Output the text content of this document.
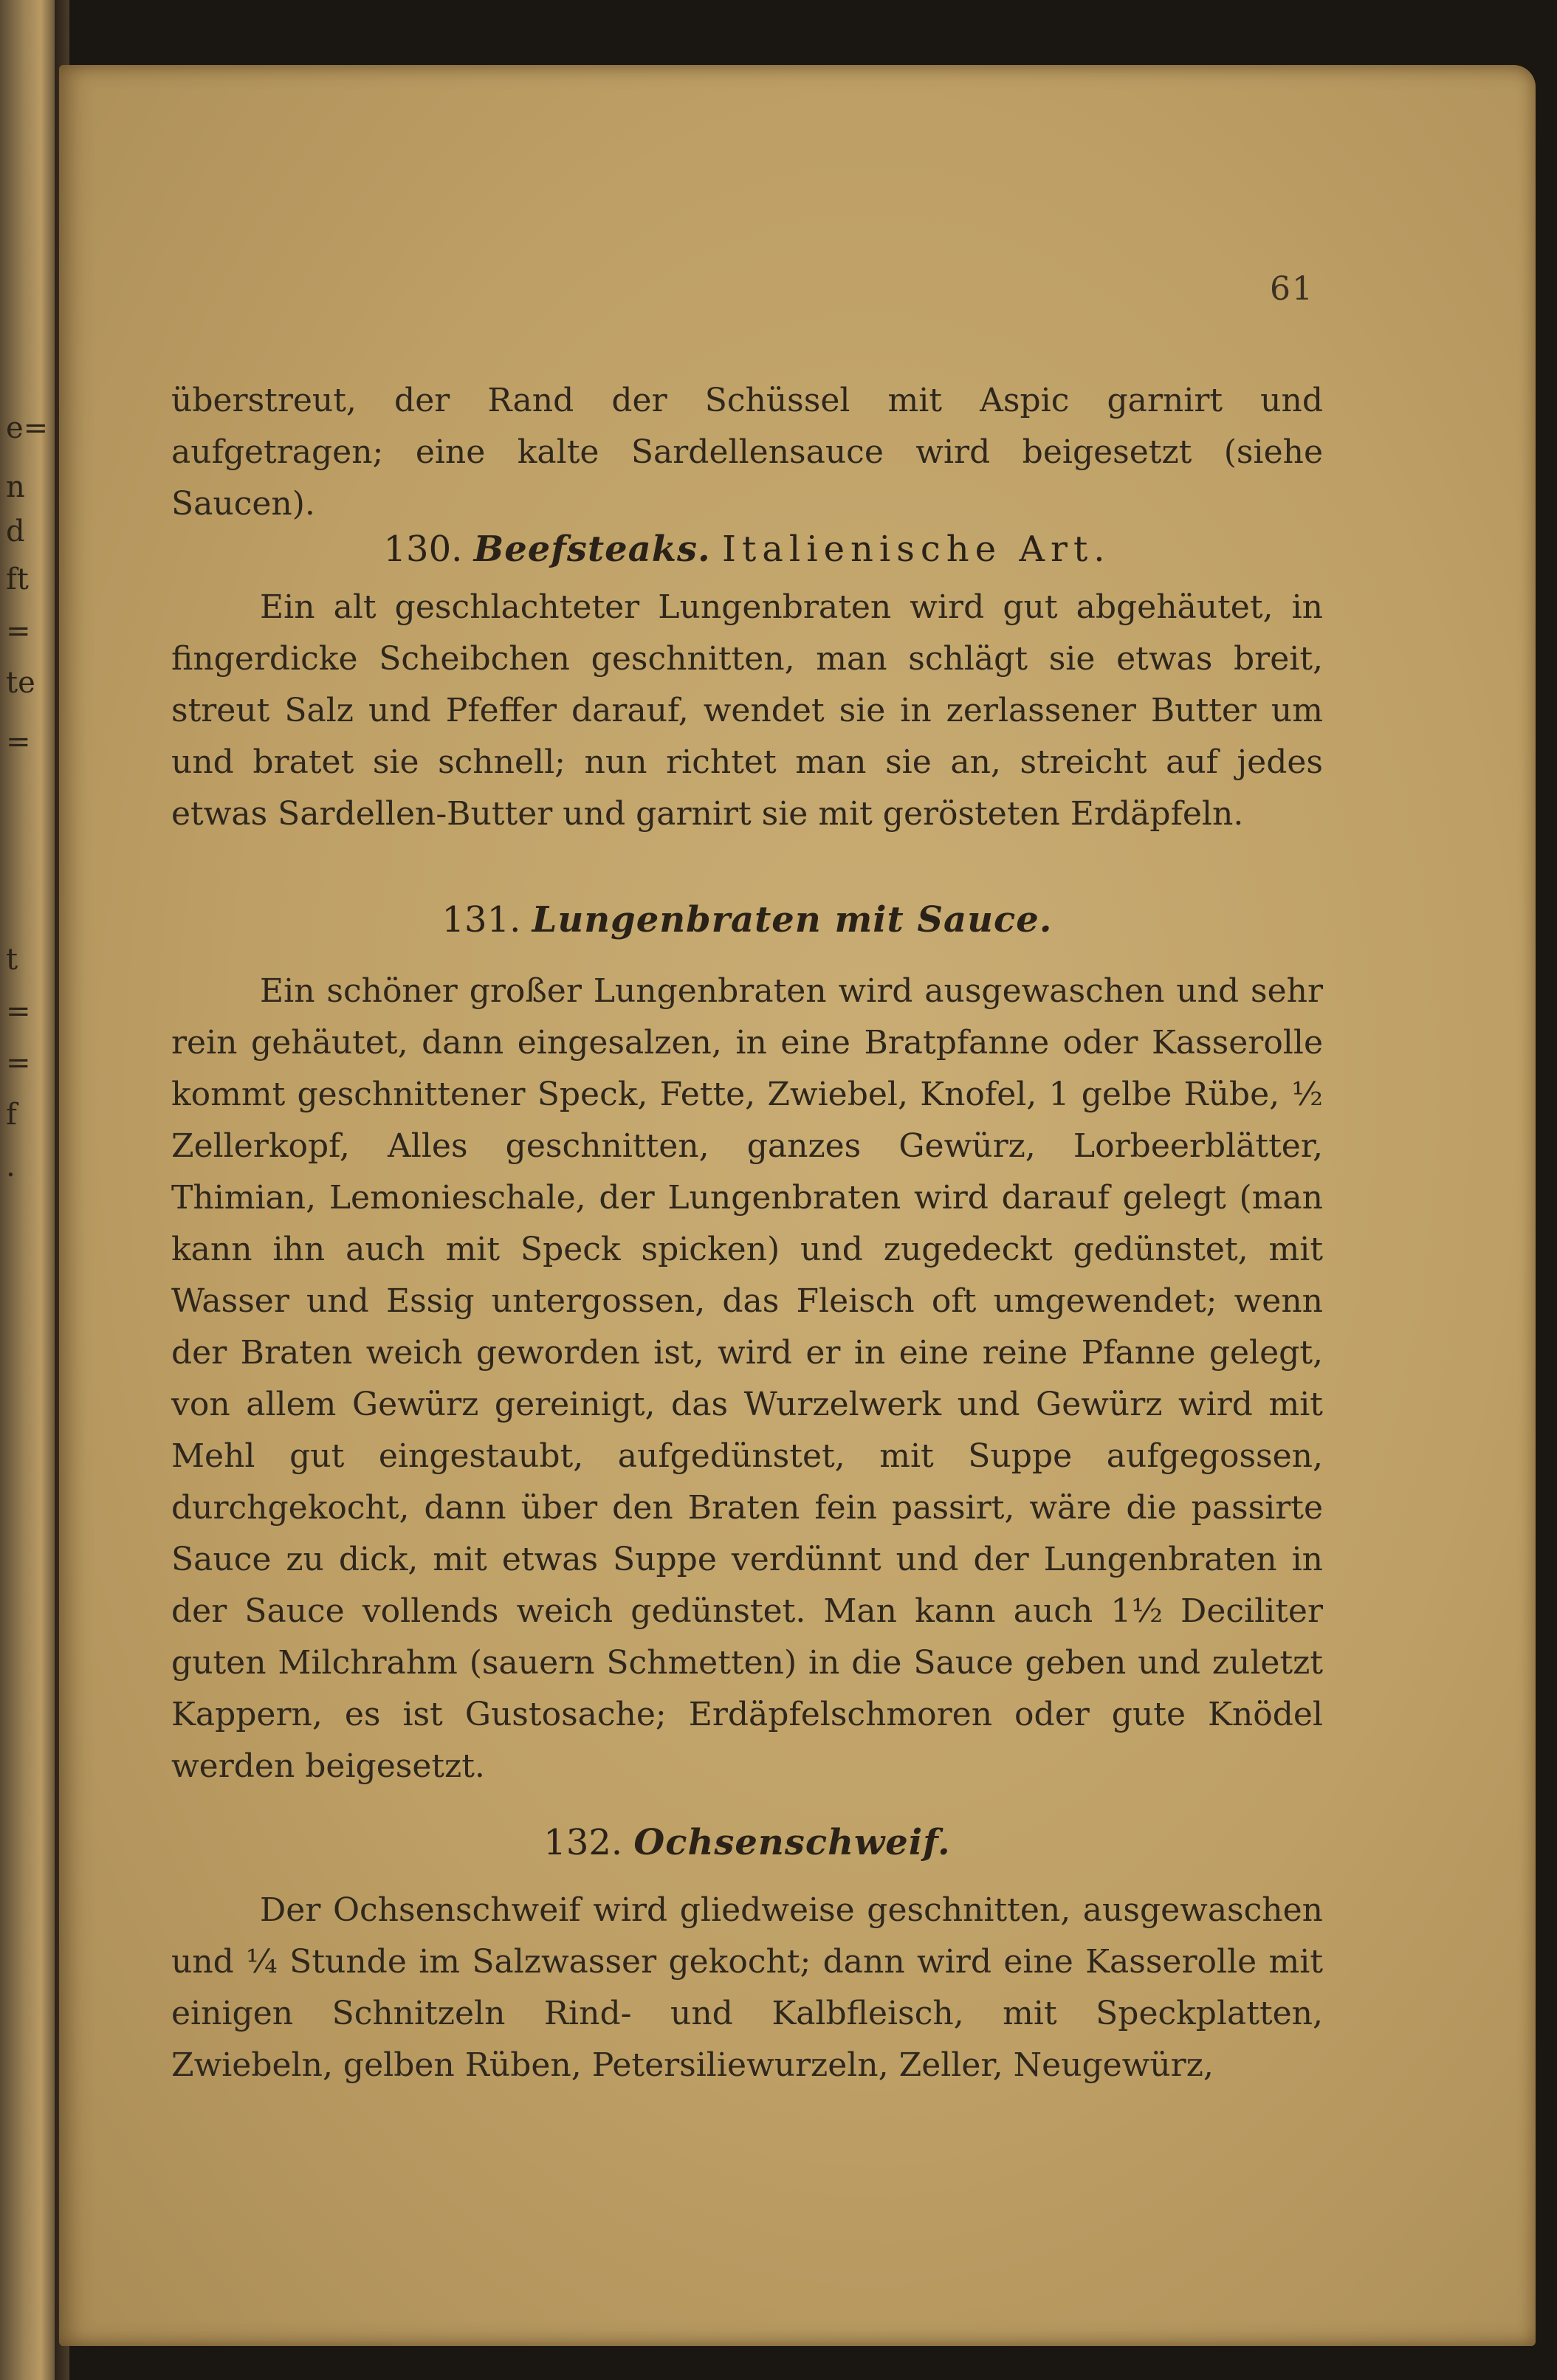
e=
n
d
ft
=
te
=
t
=
=
f
.
61

überstreut, der Rand der Schüssel mit Aspic garnirt und aufgetragen; eine kalte Sardellensauce wird beigesetzt (siehe Saucen).

130. Beefsteaks. Italienische Art.

Ein alt geschlachteter Lungenbraten wird gut abgehäutet, in fingerdicke Scheibchen geschnitten, man schlägt sie etwas breit, streut Salz und Pfeffer darauf, wendet sie in zerlassener Butter um und bratet sie schnell; nun richtet man sie an, streicht auf jedes etwas Sardellen-Butter und garnirt sie mit gerösteten Erdäpfeln.

131. Lungenbraten mit Sauce.

Ein schöner großer Lungenbraten wird ausgewaschen und sehr rein gehäutet, dann eingesalzen, in eine Bratpfanne oder Kasserolle kommt geschnittener Speck, Fette, Zwiebel, Knofel, 1 gelbe Rübe, ½ Zellerkopf, Alles geschnitten, ganzes Gewürz, Lorbeerblätter, Thimian, Lemonieschale, der Lungenbraten wird darauf gelegt (man kann ihn auch mit Speck spicken) und zugedeckt gedünstet, mit Wasser und Essig untergossen, das Fleisch oft umgewendet; wenn der Braten weich geworden ist, wird er in eine reine Pfanne gelegt, von allem Gewürz gereinigt, das Wurzelwerk und Gewürz wird mit Mehl gut eingestaubt, aufgedünstet, mit Suppe aufgegossen, durchgekocht, dann über den Braten fein passirt, wäre die passirte Sauce zu dick, mit etwas Suppe verdünnt und der Lungenbraten in der Sauce vollends weich gedünstet. Man kann auch 1½ Deciliter guten Milchrahm (sauern Schmetten) in die Sauce geben und zuletzt Kappern, es ist Gustosache; Erdäpfelschmoren oder gute Knödel werden beigesetzt.

132. Ochsenschweif.

Der Ochsenschweif wird gliedweise geschnitten, ausgewaschen und ¼ Stunde im Salzwasser gekocht; dann wird eine Kasserolle mit einigen Schnitzeln Rind- und Kalbfleisch, mit Speckplatten, Zwiebeln, gelben Rüben, Petersiliewurzeln, Zeller, Neugewürz,
